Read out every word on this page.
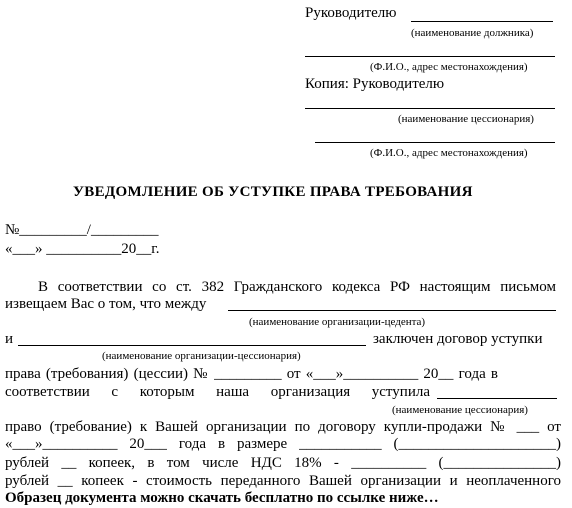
Руководителю
(наименование должника)
(Ф.И.О., адрес местонахождения)
Копия: Руководителю
(наименование цессионария)
(Ф.И.О., адрес местонахождения)
УВЕДОМЛЕНИЕ ОБ УСТУПКЕ ПРАВА ТРЕБОВАНИЯ
№_________/_________
«___» __________20__г.
В соответствии со ст. 382 Гражданского кодекса РФ настоящим письмом
извещаем Вас о том, что между
(наименование организации-цедента)
и	заключен договор уступки
(наименование организации-цессионария)
права (требования) (цессии) № _________ от «___»__________ 20__ года в
соответствии с которым наша организация уступила
(наименование цессионария)
право (требование) к Вашей организации по договору купли-продажи № ___ от
«___»__________ 20___ года в размере ___________ (_____________________)
рублей __ копеек, в том числе НДС 18% - __________ (_______________)
рублей __ копеек - стоимость переданного Вашей организации и неоплаченного
Образец документа можно скачать бесплатно по ссылке ниже…
